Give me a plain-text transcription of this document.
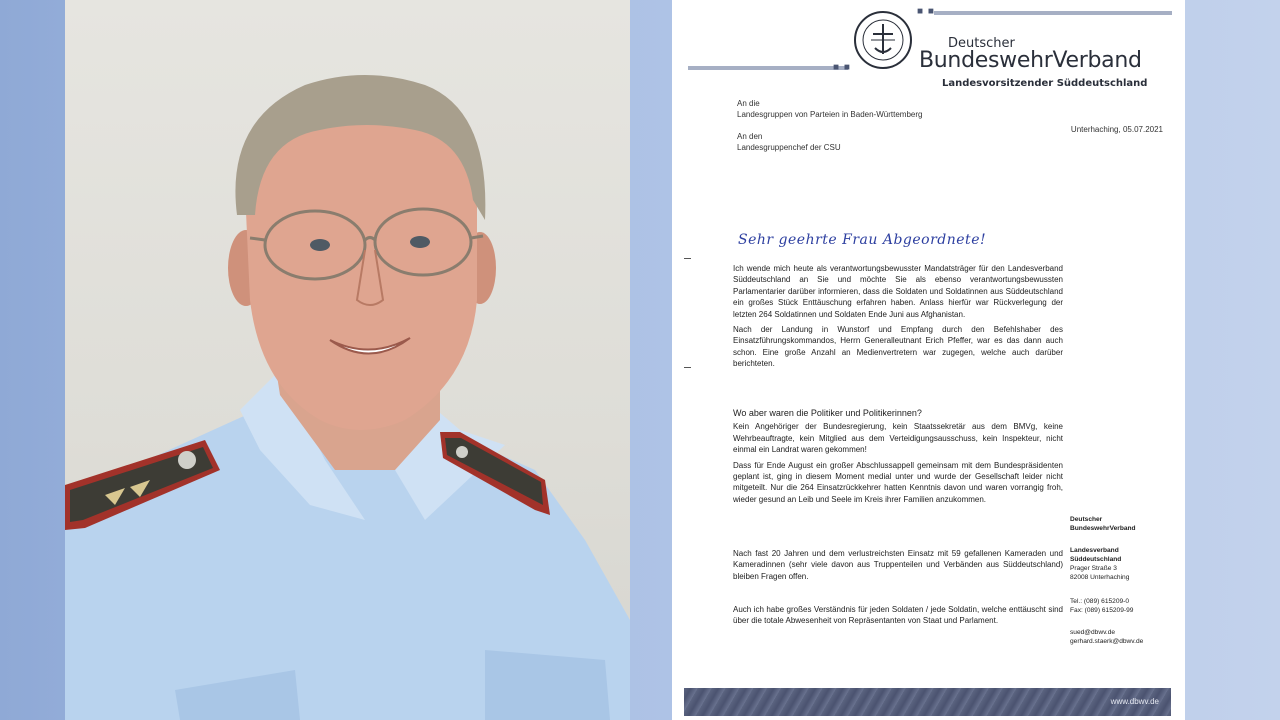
■ ■
■ ■
Deutscher
BundeswehrVerband
Landesvorsitzender Süddeutschland
An die
Landesgruppen von Parteien in Baden-Württemberg
An den
Landesgruppenchef der CSU
Unterhaching, 05.07.2021
Sehr geehrte Frau Abgeordnete!

Ich wende mich heute als verantwortungsbewusster Mandatsträger für den Landesverband Süddeutschland an Sie und möchte Sie als ebenso verantwortungsbewussten Parlamentarier darüber informieren, dass die Soldaten und Soldatinnen aus Süddeutschland ein großes Stück Enttäuschung erfahren haben. Anlass hierfür war Rückverlegung der letzten 264 Soldatinnen und Soldaten Ende Juni aus Afghanistan.

Nach der Landung in Wunstorf und Empfang durch den Befehlshaber des Einsatzführungskommandos, Herrn Generalleutnant Erich Pfeffer, war es das dann auch schon. Eine große Anzahl an Medienvertretern war zugegen, welche auch darüber berichteten.

Wo aber waren die Politiker und Politikerinnen?

Kein Angehöriger der Bundesregierung, kein Staatssekretär aus dem BMVg, keine Wehrbeauftragte, kein Mitglied aus dem Verteidigungsausschuss, kein Inspekteur, nicht einmal ein Landrat waren gekommen!

Dass für Ende August ein großer Abschlussappell gemeinsam mit dem Bundespräsidenten geplant ist, ging in diesem Moment medial unter und wurde der Gesellschaft leider nicht mitgeteilt. Nur die 264 Einsatzrückkehrer hatten Kenntnis davon und waren vorrangig froh, wieder gesund an Leib und Seele im Kreis ihrer Familien anzukommen.

Nach fast 20 Jahren und dem verlustreichsten Einsatz mit 59 gefallenen Kameraden und Kameradinnen (sehr viele davon aus Truppenteilen und Verbänden aus Süddeutschland) bleiben Fragen offen.

Auch ich habe großes Verständnis für jeden Soldaten / jede Soldatin, welche enttäuscht sind über die totale Abwesenheit von Repräsentanten von Staat und Parlament.

Deutscher
BundeswehrVerband
Landesverband
Süddeutschland
Prager Straße 3
82008 Unterhaching
Tel.: (089) 615209-0
Fax: (089) 615209-99
sued@dbwv.de
gerhard.staerk@dbwv.de
www.dbwv.de
